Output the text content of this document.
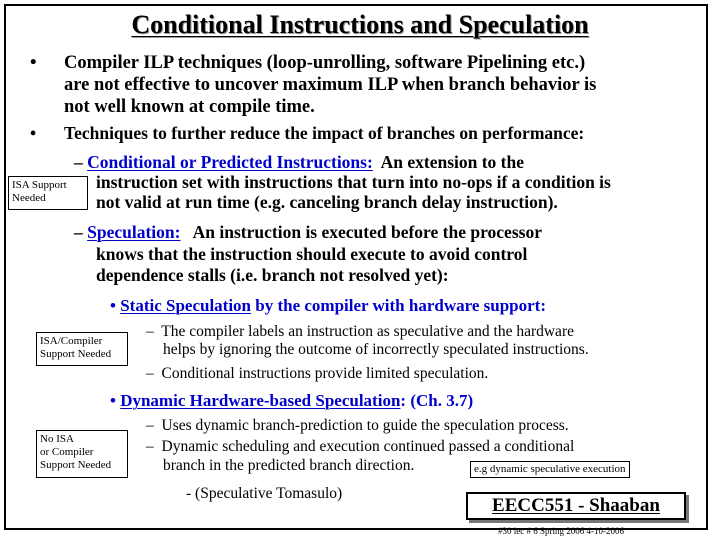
Conditional Instructions and Speculation
• Compiler ILP techniques (loop-unrolling, software Pipelining etc.)
are not effective to uncover maximum ILP when branch behavior is
not well known at compile time.
• Techniques to further reduce the impact of branches on performance:
– Conditional or Predicted Instructions: An extension to the
instruction set with instructions that turn into no-ops if a condition is
not valid at run time (e.g. canceling branch delay instruction).
ISA Support
Needed
– Speculation: An instruction is executed before the processor
knows that the instruction should execute to avoid control
dependence stalls (i.e. branch not resolved yet):
• Static Speculation by the compiler with hardware support:
–  The compiler labels an instruction as speculative and the hardware
helps by ignoring the outcome of incorrectly speculated instructions.
–  Conditional instructions provide limited speculation.
ISA/Compiler
Support Needed
• Dynamic Hardware-based Speculation: (Ch. 3.7)
–  Uses dynamic branch-prediction to guide the speculation process.
–  Dynamic scheduling and execution continued passed a conditional
branch in the predicted branch direction.	e.g dynamic speculative execution
- (Speculative Tomasulo)
No ISA
or Compiler
Support Needed
EECC551 - Shaaban
#30 lec # 6 Spring 2006 4-10-2006
